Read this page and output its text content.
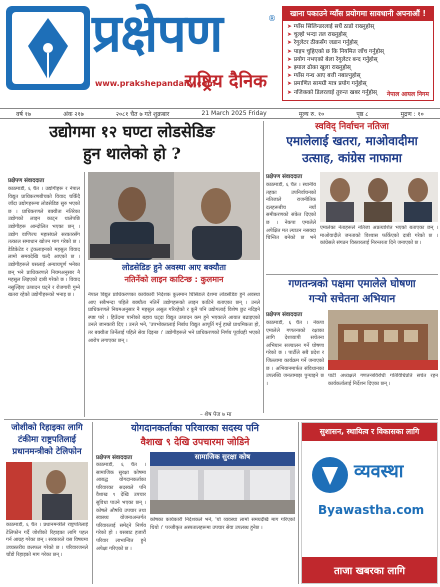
प्रक्षेपण	®
राष्ट्रिय दैनिक
www.prakshepandaily.com
खाना पकाउने ग्याँस प्रयोगमा सावधानी अपनाऔं !
➤ ग्याँस सिलिन्डरलाई सधैं ठाडो राख्नुहोस्
➤ चुल्हो भन्दा तल राख्नुहोस्
➤ रेगुलेटर ठीकसँग जडान गर्नुहोस्
➤ पाइप चुहिएको छ कि नियमित जाँच गर्नुहोस्
➤ प्रयोग नभएको बेला रेगुलेटर बन्द गर्नुहोस्
➤ झ्याल ढोका खुला राख्नुहोस्
➤ ग्याँस गन्ध आए बत्ती नबाल्नुहोस्
➤ प्रमाणित सामग्री मात्र प्रयोग गर्नुहोस्
➤ नजिकको डिलरलाई तुरुन्त खबर गर्नुहोस्	नेपाल आयल निगम
वर्ष १७	अंक २१७	२०८१ चैत ७ गते शुक्रबार	21 March 2025 Friday	मूल्य रु. १०	पृष्ठ ८	मुद्रण : १०
उद्योगमा १२ घण्टा लोडसेडिङ
हुन थालेको हो ?
प्रक्षेपण संवाददाता
काठमाडौं, ६ चैत । उद्योगीहरू र नेपाल विद्युत प्राधिकरणबीचको विवाद चर्किँदै जाँदा उद्योगहरूमा लोडसेडिङ सुरु भएको छ । प्राधिकरणले बक्यौता नतिरेका उद्योगको लाइन काट्न थालेपछि उद्योगीहरू आन्दोलित भएका छन् । उद्योग वाणिज्य महासंघले सरकारसँग तत्काल समाधान खोज्न माग गरेको छ । डेडिकेटेड र ट्रंकलाइनको महसुल विवाद लामो समयदेखि चल्दै आएको छ । उद्योगीहरूले यसलाई अन्यायपूर्ण भनेका छन् भने प्राधिकरणले नियमअनुसार नै महसुल लिइएको दाबी गरेको छ । विवाद नसुल्झिए उत्पादन घट्ने र रोजगारी गुम्ने खतरा रहेको उद्योगीहरूको भनाइ छ ।
लोडसेडिङ हुने अवस्था आए बक्यौता
नतिर्नेको लाइन काटिन्छ : कुलमान
नेपाल विद्युत प्राधिकरणका कार्यकारी निर्देशक कुलमान घिसिङले देशमा लोडसेडिङ हुने अवस्था आए सबैभन्दा पहिले बक्यौता नतिर्ने उद्योगहरूको लाइन काटिने बताएका छन् । उनले प्राधिकरणले नियमअनुसार नै महसुल असुल गरिरहेको र कुनै पनि उद्योगलाई विशेष छुट नदिइने स्पष्ट पारे । हिउँदमा पानीको बहाव घट्दा विद्युत उत्पादन कम हुने भएकाले आयात बढाइएको उनले जानकारी दिए । उनले भने, 'उपभोक्तालाई निर्बाध विद्युत आपूर्ति गर्नु हाम्रो प्राथमिकता हो, तर बक्यौता तिर्नेलाई पहिले सेवा दिइन्छ ।' उद्योगीहरूले भने प्राधिकरणको निर्णय पूर्वाग्रही भएको आरोप लगाएका छन् ।
– शेष पेज ७ मा
स्वविद् निर्वाचन नतिजा
एमालेलाई खतरा, माओवादीमा
उत्साह, कांग्रेस नाफामा
प्रक्षेपण संवाददाता
काठमाडौं, ६ चैत । स्थानीय तहका उपनिर्वाचनको नतिजाले राजनीतिक दलहरूबीच नयाँ समीकरणको संकेत दिएको छ । नेकपा एमालेले अपेक्षित मत ल्याउन नसक्दा चिन्तित बनेको छ भने
एमालेका नेताहरूले नतिजा अप्रत्याशित भएको बताएका छन् । माओवादीले जनताको विश्वास फर्किएको दाबी गरेको छ । कांग्रेसले संगठन विस्तारलाई निरन्तरता दिने जनाएको छ ।
गणतन्त्रको पक्षमा एमालेले घोषणा
गर्‍यो सचेतना अभियान
प्रक्षेपण संवाददाता
काठमाडौं, ६ चैत । नेकपा एमालेले गणतन्त्रको रक्षाका लागि देशव्यापी सचेतना अभियान सञ्चालन गर्ने घोषणा गरेको छ । पार्टीले सबै प्रदेश र जिल्लामा कार्यक्रम गर्ने जनाएको छ । अभियानमार्फत संविधानका उपलब्धि जनतामाझ पुर्‍याइने छ ।
पार्टी अध्यक्षले गणतन्त्रविरोधी गतिविधिप्रति सचेत रहन कार्यकर्तालाई निर्देशन दिएका छन् ।
जोशीको रिहाइका लागि
टंकीमा राष्ट्रपतिलाई
प्रधानमन्त्रीको टेलिफोन
काठमाडौं, ६ चैत । प्रधानमन्त्रीले राष्ट्रपतिलाई टेलिफोन गर्दै जोशीको रिहाइका लागि पहल गर्न आग्रह गरेका छन् । सरकारले यस विषयमा उच्चस्तरीय छलफल गरेको छ । परिवारजनले चाँडो रिहाइको माग गरेका छन् ।
योगदानकर्ताका परिवारका सदस्य पनि
वैशाख ९ देखि उपचारमा जोडिने
प्रक्षेपण संवाददाता
काठमाडौं, ६ चैत । सामाजिक सुरक्षा कोषमा आबद्ध योगदानकर्ताका परिवारका सदस्यले पनि वैशाख ९ देखि उपचार सुविधा पाउने भएका छन् । कोषले औषधि उपचार तथा स्वास्थ्य योजनाअन्तर्गत परिवारलाई समेट्ने निर्णय गरेको हो । यसबाट हजारौं परिवार लाभान्वित हुने अपेक्षा गरिएको छ ।
सामाजिक सुरक्षा कोष
कोषका कार्यकारी निर्देशकले भने, 'यो व्यवस्था लामो समयदेखि माग गरिएको थियो ।' पञ्जीकृत अस्पतालहरूमा उपचार सेवा उपलब्ध हुनेछ ।
सुशासन, स्थायित्व र विकासका लागि
व्यवस्था
Byawastha.com
ताजा खबरका लागि
